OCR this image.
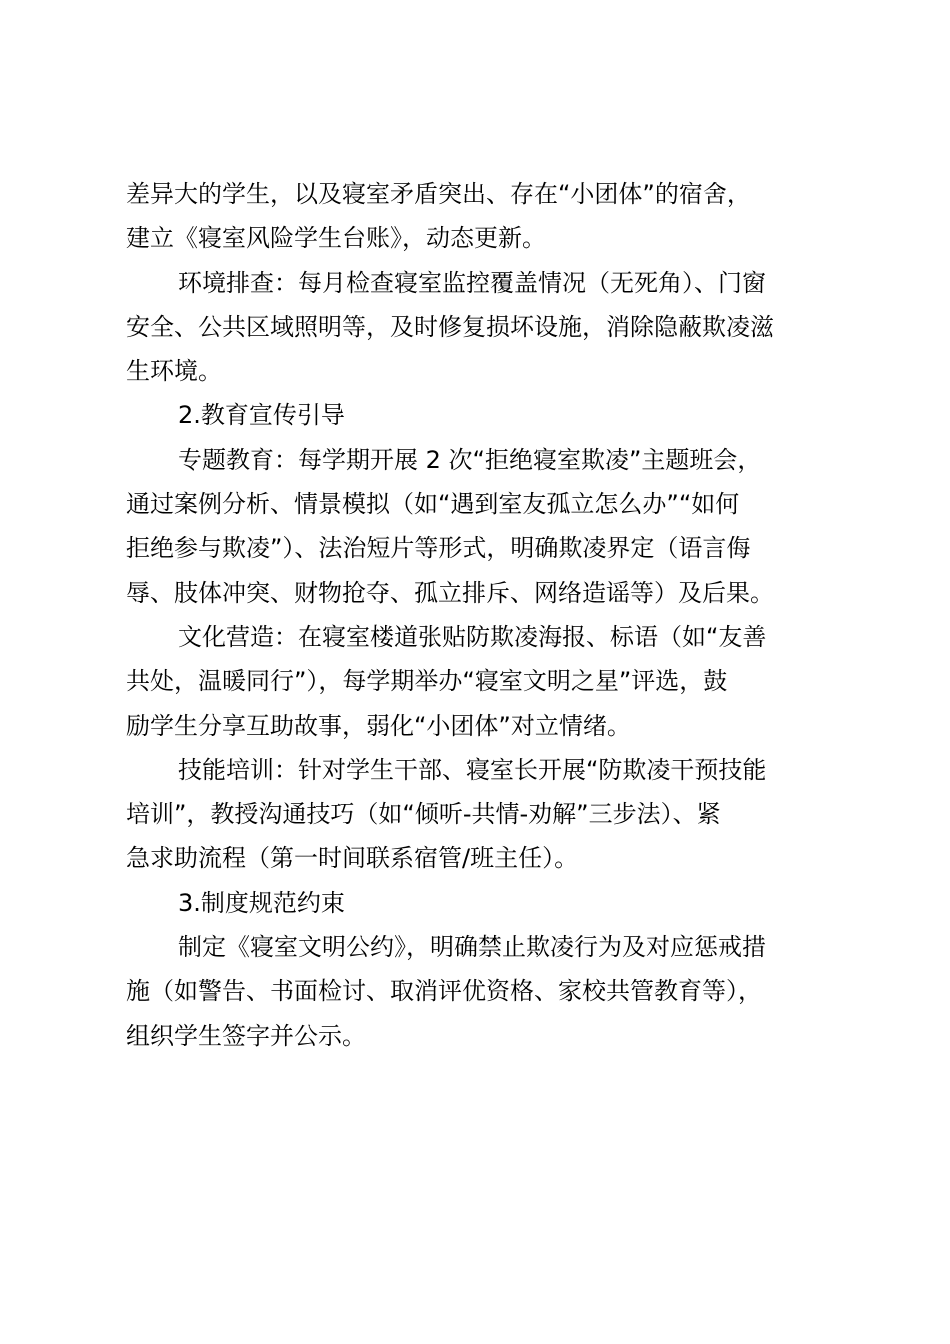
差异大的学生，以及寝室矛盾突出、存在“小团体”的宿舍，
建立《寝室风险学生台账》，动态更新。
环境排查：每月检查寝室监控覆盖情况（无死角）、门窗
安全、公共区域照明等，及时修复损坏设施，消除隐蔽欺凌滋
生环境。
2.教育宣传引导
专题教育：每学期开展 2 次“拒绝寝室欺凌”主题班会，
通过案例分析、情景模拟（如“遇到室友孤立怎么办”“如何
拒绝参与欺凌”）、法治短片等形式，明确欺凌界定（语言侮
辱、肢体冲突、财物抢夺、孤立排斥、网络造谣等）及后果。
文化营造：在寝室楼道张贴防欺凌海报、标语（如“友善
共处，温暖同行”），每学期举办“寝室文明之星”评选，鼓
励学生分享互助故事，弱化“小团体”对立情绪。
技能培训：针对学生干部、寝室长开展“防欺凌干预技能
培训”，教授沟通技巧（如“倾听-共情-劝解”三步法）、紧
急求助流程（第一时间联系宿管/班主任）。
3.制度规范约束
制定《寝室文明公约》，明确禁止欺凌行为及对应惩戒措
施（如警告、书面检讨、取消评优资格、家校共管教育等），
组织学生签字并公示。
